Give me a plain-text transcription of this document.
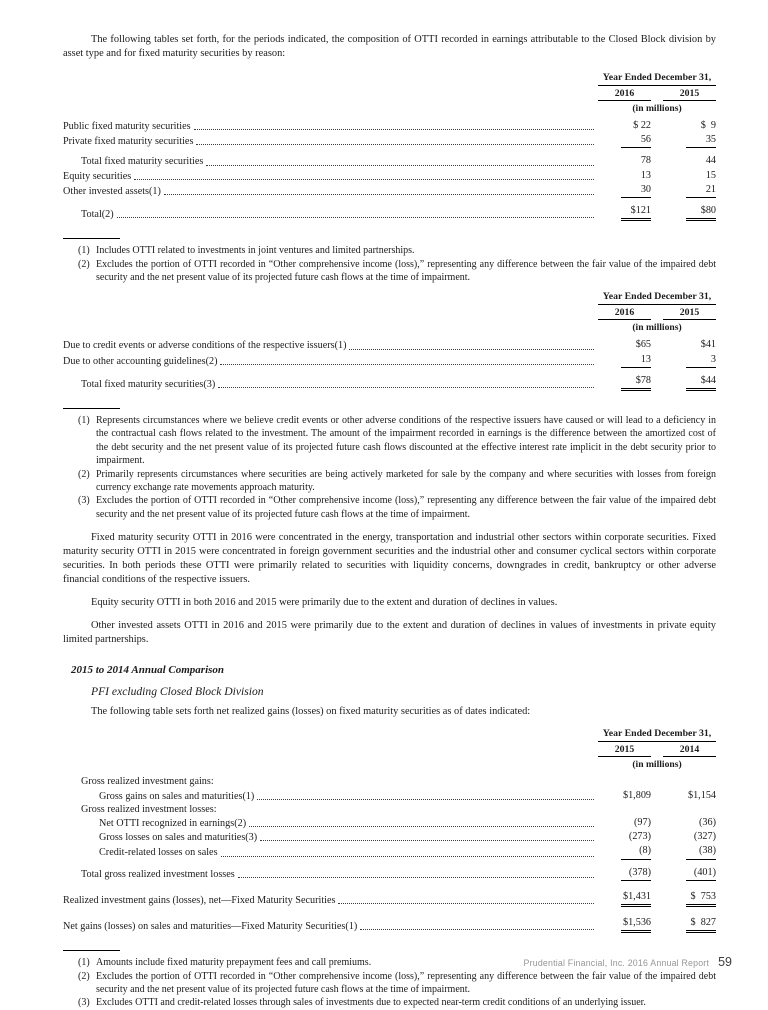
The following tables set forth, for the periods indicated, the composition of OTTI recorded in earnings attributable to the Closed Block division by asset type and for fixed maturity securities by reason:

Year Ended December 31,
2016	2015
(in millions)
Public fixed maturity securities	$ 22	$  9
Private fixed maturity securities	56	35
Total fixed maturity securities	78	44
Equity securities	13	15
Other invested assets(1)	30	21
Total(2)	$121	$80
(1) Includes OTTI related to investments in joint ventures and limited partnerships.
(2) Excludes the portion of OTTI recorded in “Other comprehensive income (loss),” representing any difference between the fair value of the impaired debt security and the net present value of its projected future cash flows at the time of impairment.
Year Ended December 31,
2016	2015
(in millions)
Due to credit events or adverse conditions of the respective issuers(1)	$65	$41
Due to other accounting guidelines(2)	13	3
Total fixed maturity securities(3)	$78	$44
(1) Represents circumstances where we believe credit events or other adverse conditions of the respective issuers have caused or will lead to a deficiency in the contractual cash flows related to the investment. The amount of the impairment recorded in earnings is the difference between the amortized cost of the debt security and the net present value of its projected future cash flows discounted at the effective interest rate implicit in the debt security prior to impairment.
(2) Primarily represents circumstances where securities are being actively marketed for sale by the company and where securities with losses from foreign currency exchange rate movements approach maturity.
(3) Excludes the portion of OTTI recorded in “Other comprehensive income (loss),” representing any difference between the fair value of the impaired debt security and the net present value of its projected future cash flows at the time of impairment.

Fixed maturity security OTTI in 2016 were concentrated in the energy, transportation and industrial other sectors within corporate securities. Fixed maturity security OTTI in 2015 were concentrated in foreign government securities and the industrial other and consumer cyclical sectors within corporate securities. In both periods these OTTI were primarily related to securities with liquidity concerns, downgrades in credit, bankruptcy or other adverse financial conditions of the respective issuers.

Equity security OTTI in both 2016 and 2015 were primarily due to the extent and duration of declines in values.

Other invested assets OTTI in 2016 and 2015 were primarily due to the extent and duration of declines in values of investments in private equity limited partnerships.

2015 to 2014 Annual Comparison
PFI excluding Closed Block Division

The following table sets forth net realized gains (losses) on fixed maturity securities as of dates indicated:

Year Ended December 31,
2015	2014
(in millions)
Gross realized investment gains:
Gross gains on sales and maturities(1)	$1,809	$1,154
Gross realized investment losses:
Net OTTI recognized in earnings(2)	(97)	(36)
Gross losses on sales and maturities(3)	(273)	(327)
Credit-related losses on sales	(8)	(38)
Total gross realized investment losses	(378)	(401)
Realized investment gains (losses), net—Fixed Maturity Securities	$1,431	$  753
Net gains (losses) on sales and maturities—Fixed Maturity Securities(1)	$1,536	$  827
(1) Amounts include fixed maturity prepayment fees and call premiums.
(2) Excludes the portion of OTTI recorded in “Other comprehensive income (loss),” representing any difference between the fair value of the impaired debt security and the net present value of its projected future cash flows at the time of impairment.
(3) Excludes OTTI and credit-related losses through sales of investments due to expected near-term credit conditions of an underlying issuer.
Prudential Financial, Inc. 2016 Annual Report 59
